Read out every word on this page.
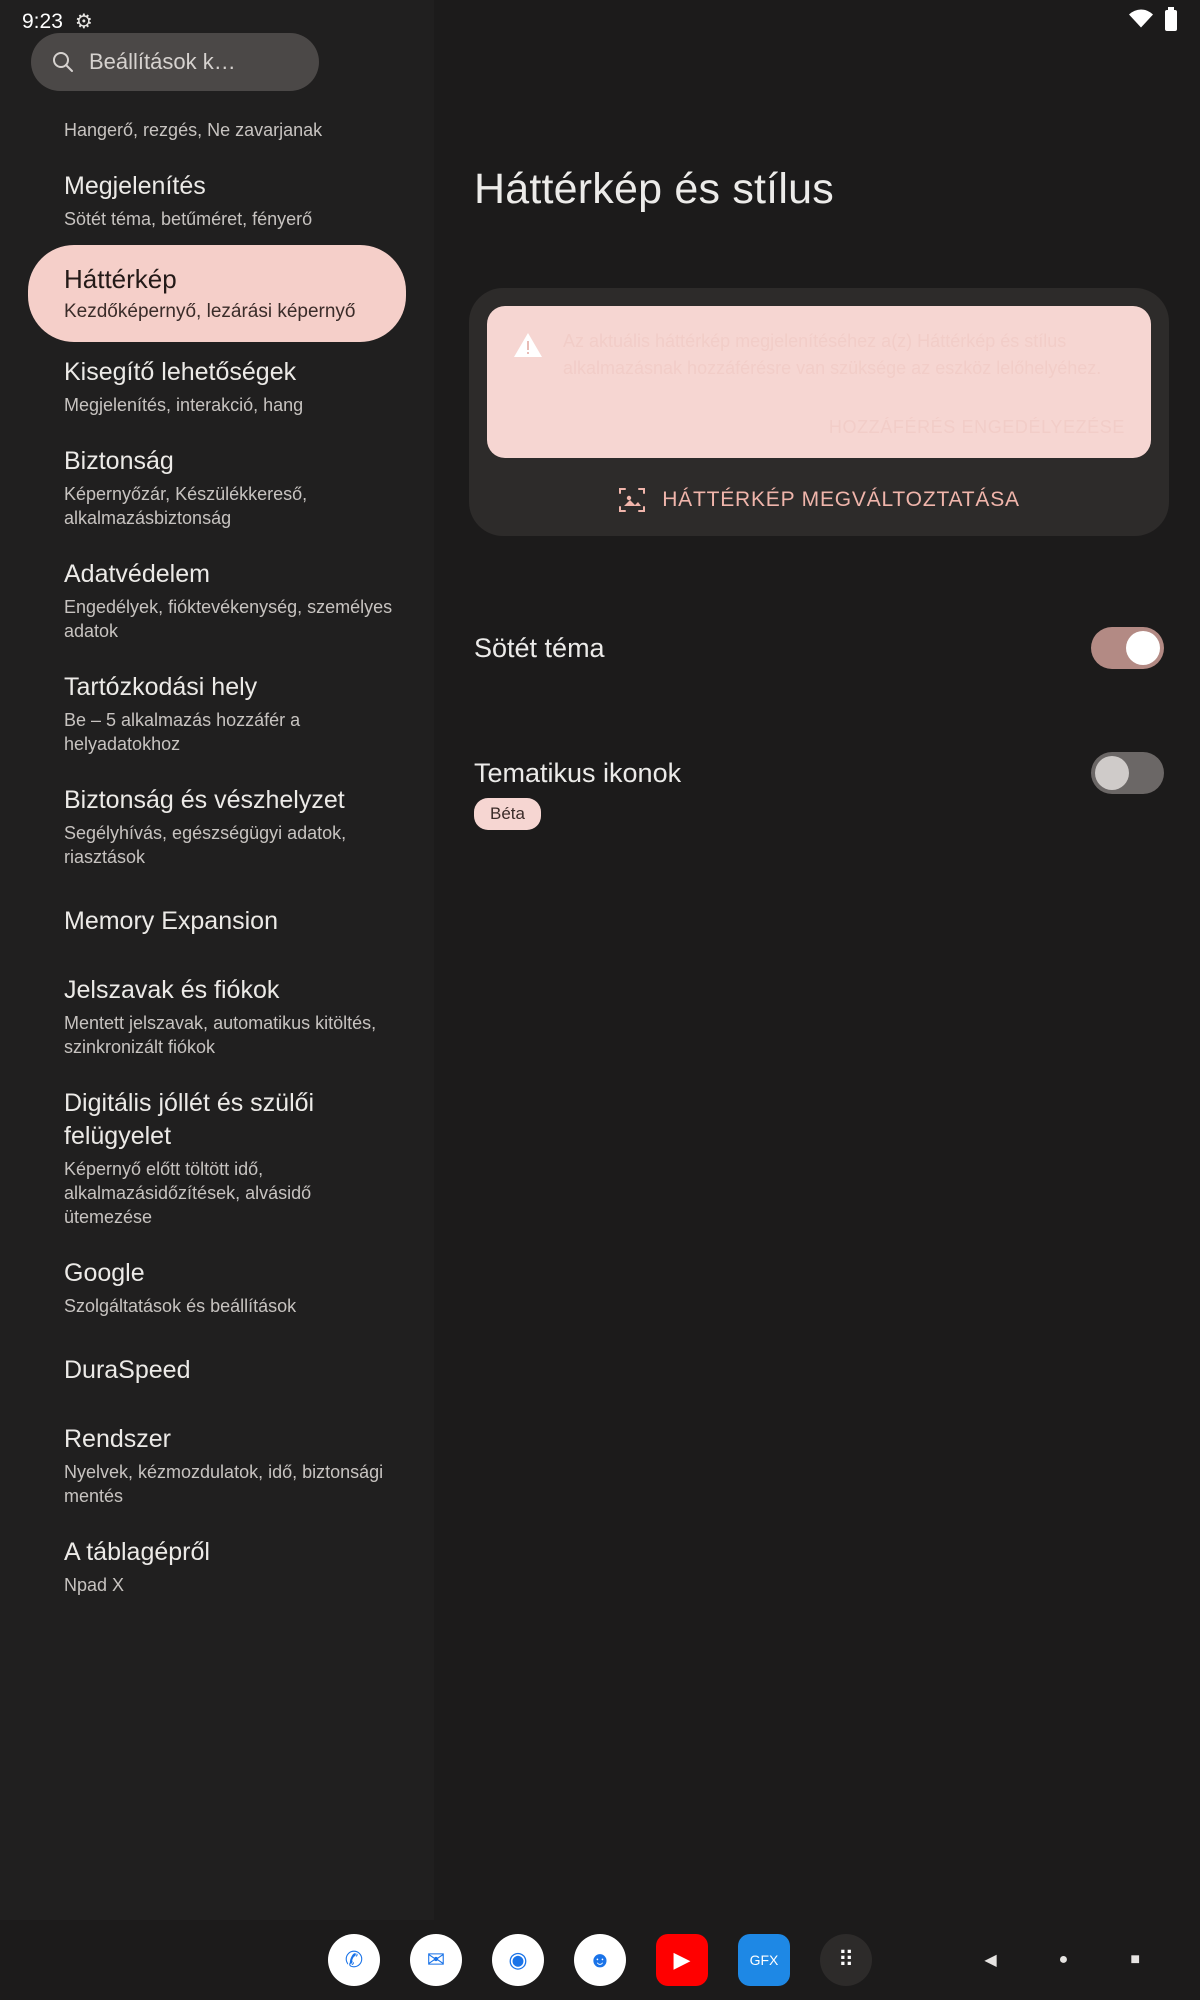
9:23 ⚙
Beállítások k…
Hangerő, rezgés, Ne zavarjanak
Megjelenítés
Sötét téma, betűméret, fényerő
Háttérkép
Kezdőképernyő, lezárási képernyő
Kisegítő lehetőségek
Megjelenítés, interakció, hang
Biztonság
Képernyőzár, Készülékkereső, alkalmazásbiztonság
Adatvédelem
Engedélyek, fióktevékenység, személyes adatok
Tartózkodási hely
Be – 5 alkalmazás hozzáfér a helyadatokhoz
Biztonság és vészhelyzet
Segélyhívás, egészségügyi adatok, riasztások
Memory Expansion
Jelszavak és fiókok
Mentett jelszavak, automatikus kitöltés, szinkronizált fiókok
Digitális jóllét és szülői felügyelet
Képernyő előtt töltött idő, alkalmazásidőzítések, alvásidő ütemezése
Google
Szolgáltatások és beállítások
DuraSpeed
Rendszer
Nyelvek, kézmozdulatok, idő, biztonsági mentés
A táblagépről
Npad X
Háttérkép és stílus
Az aktuális háttérkép megjelenítéséhez a(z) Háttérkép és stílus alkalmazásnak hozzáférésre van szüksége az eszköz lelőhelyéhez.
HOZZÁFÉRÉS ENGEDÉLYEZÉSE
HÁTTÉRKÉP MEGVÁLTOZTATÁSA
Sötét téma
Tematikus ikonok
Béta
✆	✉	◉	☻	▶	GFX	⠿	◀	●	■
